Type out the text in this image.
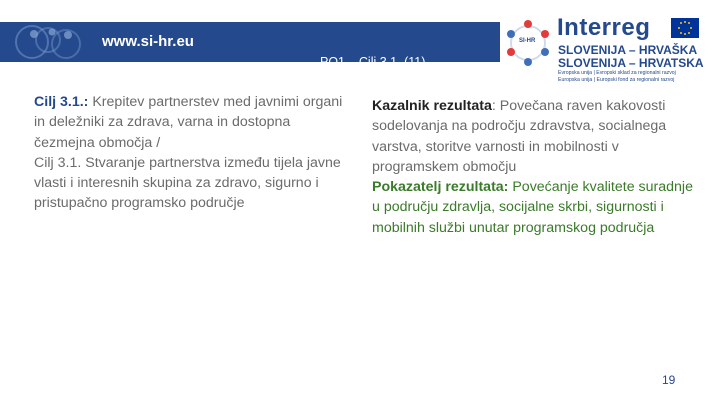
www.si-hr.eu
PO1 – Cilj 3.1. (11)
SI-HR Interreg
SLOVENIJA – HRVAŠKA
SLOVENIJA – HRVATSKA
Evropska unija | Evropski sklad za regionalni razvoj
Europska unija | Europski fond za regionalni razvoj

Cilj 3.1.: Krepitev partnerstev med javnimi organi in deležniki za zdrava, varna in dostopna čezmejna območja /

Cilj 3.1. Stvaranje partnerstva između tijela javne vlasti i interesnih skupina za zdravo, sigurno i pristupačno programsko područje

Kazalnik rezultata: Povečana raven kakovosti sodelovanja na področju zdravstva, socialnega varstva, storitve varnosti in mobilnosti v programskem območju

Pokazatelj rezultata: Povećanje kvalitete suradnje u području zdravlja, socijalne skrbi, sigurnosti i mobilnih službi unutar programskog područja

19
